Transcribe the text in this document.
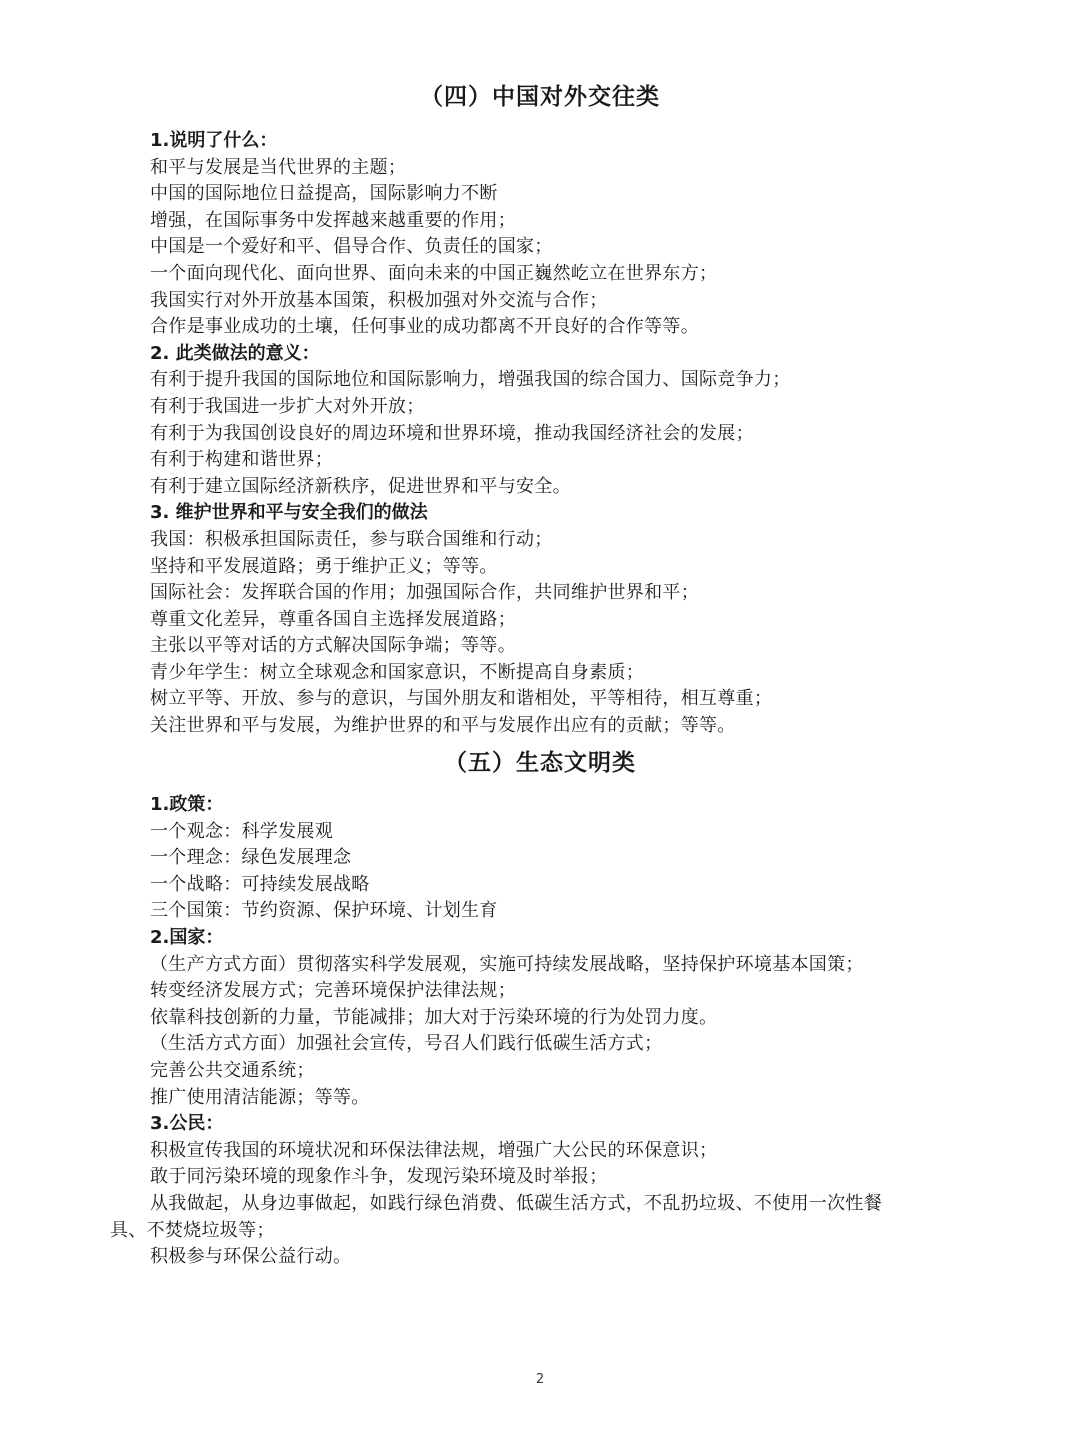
（四）中国对外交往类
1.说明了什么：
和平与发展是当代世界的主题；
中国的国际地位日益提高，国际影响力不断
增强，在国际事务中发挥越来越重要的作用；
中国是一个爱好和平、倡导合作、负责任的国家；
一个面向现代化、面向世界、面向未来的中国正巍然屹立在世界东方；
我国实行对外开放基本国策，积极加强对外交流与合作；
合作是事业成功的土壤，任何事业的成功都离不开良好的合作等等。
2. 此类做法的意义：
有利于提升我国的国际地位和国际影响力，增强我国的综合国力、国际竞争力；
有利于我国进一步扩大对外开放；
有利于为我国创设良好的周边环境和世界环境，推动我国经济社会的发展；
有利于构建和谐世界；
有利于建立国际经济新秩序，促进世界和平与安全。
3. 维护世界和平与安全我们的做法
我国：积极承担国际责任，参与联合国维和行动；
坚持和平发展道路；勇于维护正义；等等。
国际社会：发挥联合国的作用；加强国际合作，共同维护世界和平；
尊重文化差异，尊重各国自主选择发展道路；
主张以平等对话的方式解决国际争端；等等。
青少年学生：树立全球观念和国家意识，不断提高自身素质；
树立平等、开放、参与的意识，与国外朋友和谐相处，平等相待，相互尊重；
关注世界和平与发展，为维护世界的和平与发展作出应有的贡献；等等。
（五）生态文明类
1.政策：
一个观念：科学发展观
一个理念：绿色发展理念
一个战略：可持续发展战略
三个国策：节约资源、保护环境、计划生育
2.国家：
（生产方式方面）贯彻落实科学发展观，实施可持续发展战略，坚持保护环境基本国策；
转变经济发展方式；完善环境保护法律法规；
依靠科技创新的力量，节能减排；加大对于污染环境的行为处罚力度。
（生活方式方面）加强社会宣传，号召人们践行低碳生活方式；
完善公共交通系统；
推广使用清洁能源；等等。
3.公民：
积极宣传我国的环境状况和环保法律法规，增强广大公民的环保意识；
敢于同污染环境的现象作斗争，发现污染环境及时举报；
从我做起，从身边事做起，如践行绿色消费、低碳生活方式，不乱扔垃圾、不使用一次性餐
具、不焚烧垃圾等；
积极参与环保公益行动。
2
